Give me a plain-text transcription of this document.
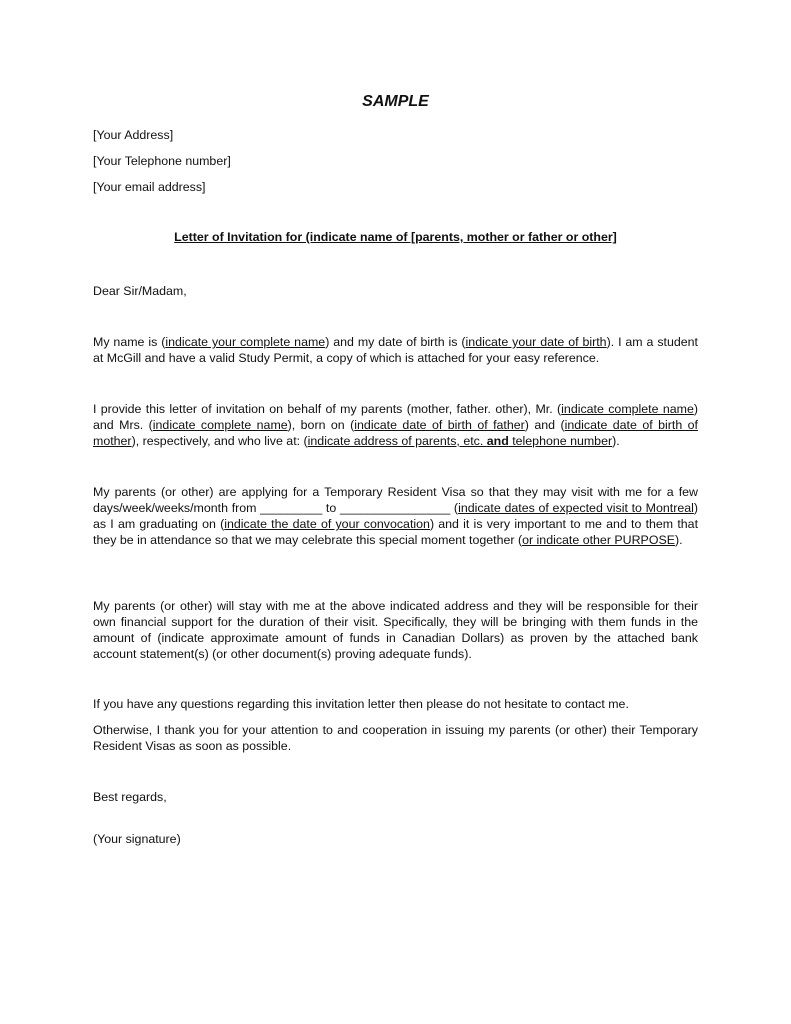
SAMPLE
[Your Address]
[Your Telephone number]
[Your email address]
Letter of Invitation for (indicate name of [parents, mother or father or other]
Dear Sir/Madam,
My name is (indicate your complete name) and my date of birth is (indicate your date of birth). I am a student at McGill and have a valid Study Permit, a copy of which is attached for your easy reference.
I provide this letter of invitation on behalf of my parents (mother, father. other), Mr. (indicate complete name) and Mrs. (indicate complete name), born on (indicate date of birth of father) and (indicate date of birth of mother), respectively, and who live at: (indicate address of parents, etc. and telephone number).
My parents (or other) are applying for a Temporary Resident Visa so that they may visit with me for a few days/week/weeks/month from _________ to ________________ (indicate dates of expected visit to Montreal) as I am graduating on (indicate the date of your convocation) and it is very important to me and to them that they be in attendance so that we may celebrate this special moment together (or indicate other PURPOSE).
My parents (or other) will stay with me at the above indicated address and they will be responsible for their own financial support for the duration of their visit. Specifically, they will be bringing with them funds in the amount of (indicate approximate amount of funds in Canadian Dollars) as proven by the attached bank account statement(s) (or other document(s) proving adequate funds).
If you have any questions regarding this invitation letter then please do not hesitate to contact me.
Otherwise, I thank you for your attention to and cooperation in issuing my parents (or other) their Temporary Resident Visas as soon as possible.
Best regards,
(Your signature)
